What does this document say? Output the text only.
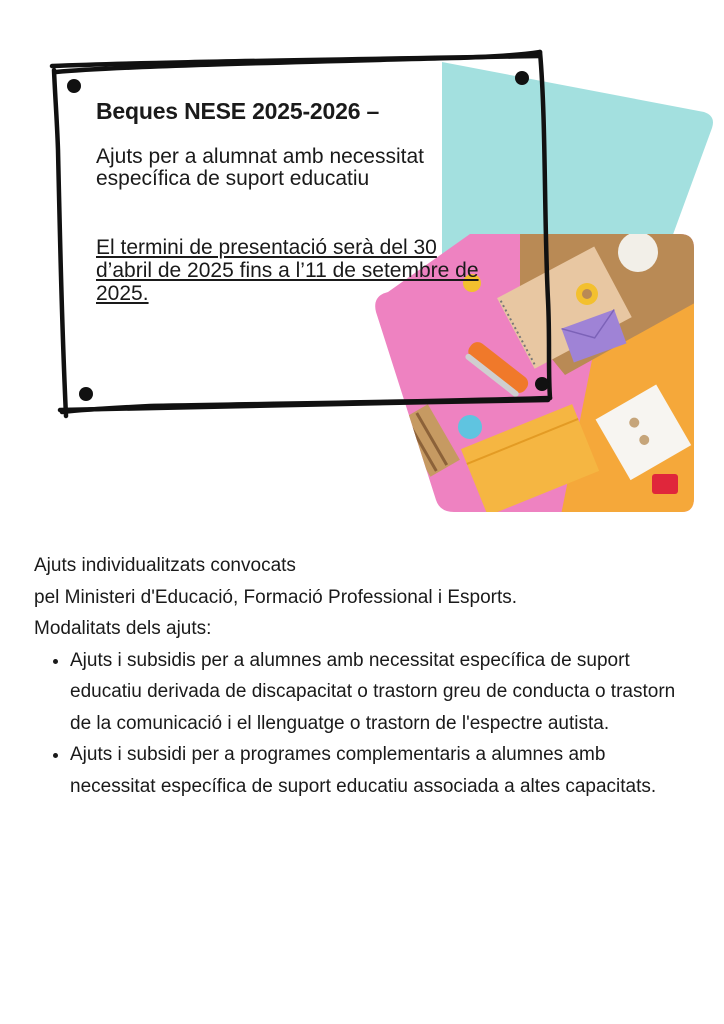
Beques NESE 2025-2026 –

Ajuts per a alumnat amb necessitat específica de suport educatiu

El termini de presentació serà del 30 d’abril de 2025 fins a l’11 de setembre de 2025.

Ajuts individualitzats convocats

pel Ministeri d'Educació, Formació Professional i Esports.

Modalitats dels ajuts:

• Ajuts i subsidis per a alumnes amb necessitat específica de suport educatiu derivada de discapacitat o trastorn greu de conducta o trastorn de la comunicació i el llenguatge o trastorn de l'espectre autista.
• Ajuts i subsidi per a programes complementaris a alumnes amb necessitat específica de suport educatiu associada a altes capacitats.
